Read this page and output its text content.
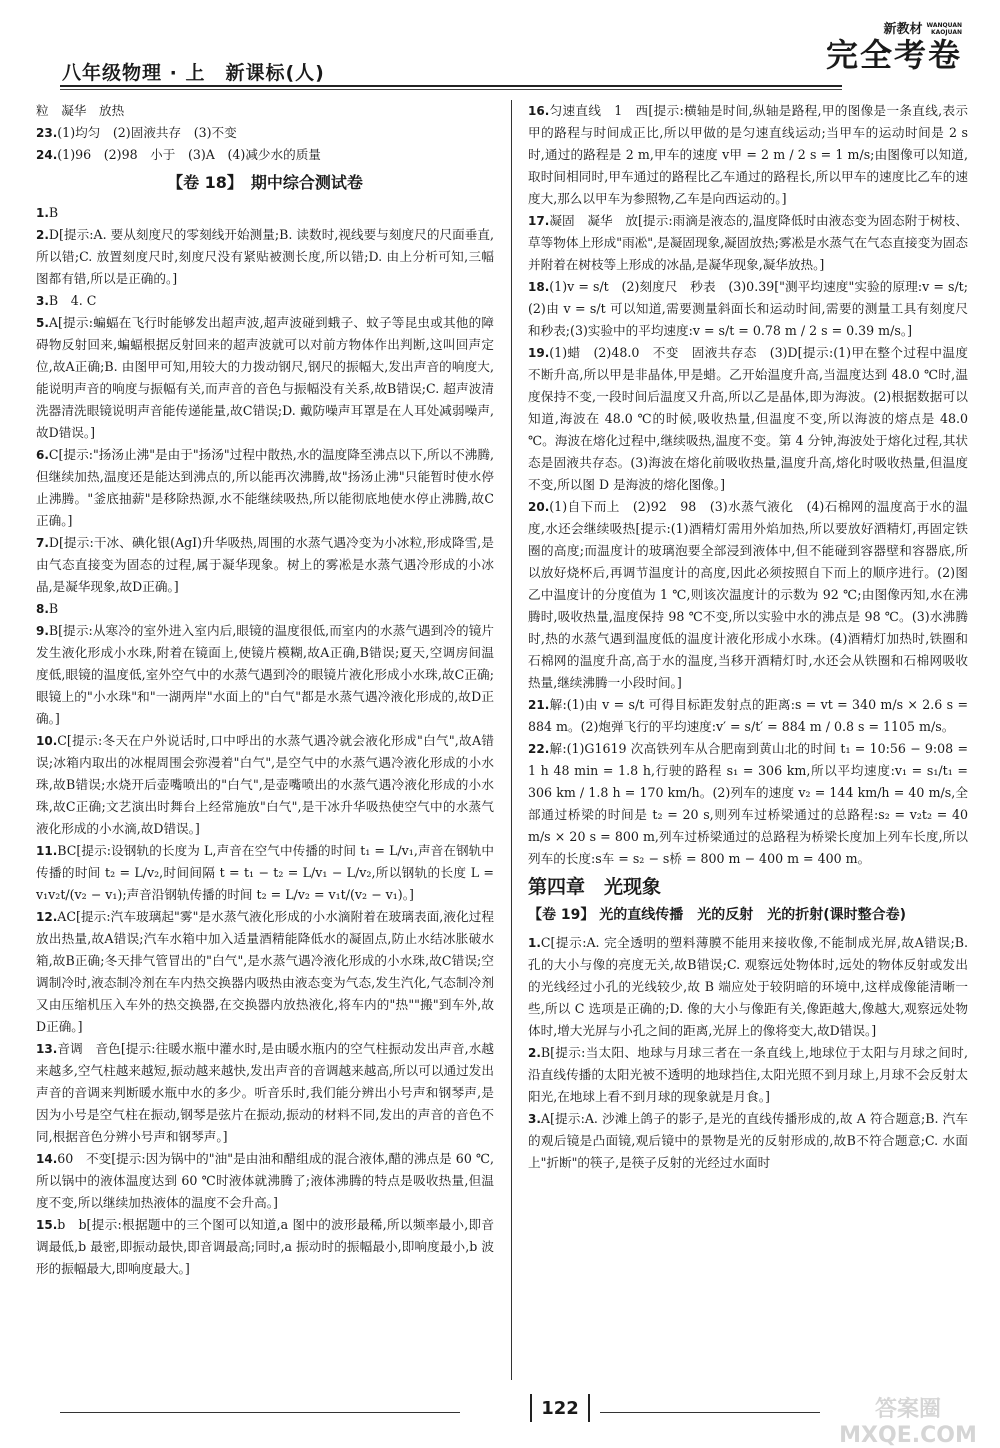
八年级物理 · 上　新课标(人)
新教材 WANQUAN
KAOJUAN
完全考卷

粒　凝华　放热

23.(1)均匀　(2)固液共存　(3)不变

24.(1)96　(2)98　小于　(3)A　(4)减少水的质量

【卷 18】　期中综合测试卷

1.B

2.D[提示:A. 要从刻度尺的零刻线开始测量;B. 读数时,视线要与刻度尺的尺面垂直,所以错;C. 放置刻度尺时,刻度尺没有紧贴被测长度,所以错;D. 由上分析可知,三幅图都有错,所以是正确的。]

3.B　4. C

5.A[提示:蝙蝠在飞行时能够发出超声波,超声波碰到蛾子、蚊子等昆虫或其他的障碍物反射回来,蝙蝠根据反射回来的超声波就可以对前方物体作出判断,这叫回声定位,故A正确;B. 由图甲可知,用较大的力拨动钢尺,钢尺的振幅大,发出声音的响度大,能说明声音的响度与振幅有关,而声音的音色与振幅没有关系,故B错误;C. 超声波清洗器清洗眼镜说明声音能传递能量,故C错误;D. 戴防噪声耳罩是在人耳处减弱噪声,故D错误。]

6.C[提示:"扬汤止沸"是由于"扬汤"过程中散热,水的温度降至沸点以下,所以不沸腾,但继续加热,温度还是能达到沸点的,所以能再次沸腾,故"扬汤止沸"只能暂时使水停止沸腾。"釜底抽薪"是移除热源,水不能继续吸热,所以能彻底地使水停止沸腾,故C正确。]

7.D[提示:干冰、碘化银(AgI)升华吸热,周围的水蒸气遇冷变为小冰粒,形成降雪,是由气态直接变为固态的过程,属于凝华现象。树上的雾凇是水蒸气遇冷形成的小冰晶,是凝华现象,故D正确。]

8.B

9.B[提示:从寒冷的室外进入室内后,眼镜的温度很低,而室内的水蒸气遇到冷的镜片发生液化形成小水珠,附着在镜面上,使镜片模糊,故A正确,B错误;夏天,空调房间温度低,眼镜的温度低,室外空气中的水蒸气遇到冷的眼镜片液化形成小水珠,故C正确;眼镜上的"小水珠"和"一湖两岸"水面上的"白气"都是水蒸气遇冷液化形成的,故D正确。]

10.C[提示:冬天在户外说话时,口中呼出的水蒸气遇冷就会液化形成"白气",故A错误;冰箱内取出的冰棍周围会弥漫着"白气",是空气中的水蒸气遇冷液化形成的小水珠,故B错误;水烧开后壶嘴喷出的"白气",是壶嘴喷出的水蒸气遇冷液化形成的小水珠,故C正确;文艺演出时舞台上经常施放"白气",是干冰升华吸热使空气中的水蒸气液化形成的小水滴,故D错误。]

11.BC[提示:设钢轨的长度为 L,声音在空气中传播的时间 t₁ = L/v₁,声音在钢轨中传播的时间 t₂ = L/v₂,时间间隔 t = t₁ − t₂ = L/v₁ − L/v₂,所以钢轨的长度 L = v₁v₂t/(v₂ − v₁);声音沿钢轨传播的时间 t₂ = L/v₂ = v₁t/(v₂ − v₁)。]

12.AC[提示:汽车玻璃起"雾"是水蒸气液化形成的小水滴附着在玻璃表面,液化过程放出热量,故A错误;汽车水箱中加入适量酒精能降低水的凝固点,防止水结冰胀破水箱,故B正确;冬天排气管冒出的"白气",是水蒸气遇冷液化形成的小水珠,故C错误;空调制冷时,液态制冷剂在车内热交换器内吸热由液态变为气态,发生汽化,气态制冷剂又由压缩机压入车外的热交换器,在交换器内放热液化,将车内的"热""搬"到车外,故D正确。]

13.音调　音色[提示:往暖水瓶中灌水时,是由暖水瓶内的空气柱振动发出声音,水越来越多,空气柱越来越短,振动越来越快,发出声音的音调越来越高,所以可以通过发出声音的音调来判断暖水瓶中水的多少。听音乐时,我们能分辨出小号声和钢琴声,是因为小号是空气柱在振动,钢琴是弦片在振动,振动的材料不同,发出的声音的音色不同,根据音色分辨小号声和钢琴声。]

14.60　不变[提示:因为锅中的"油"是由油和醋组成的混合液体,醋的沸点是 60 ℃,所以锅中的液体温度达到 60 ℃时液体就沸腾了;液体沸腾的特点是吸收热量,但温度不变,所以继续加热液体的温度不会升高。]

15.b　b[提示:根据题中的三个图可以知道,a 图中的波形最稀,所以频率最小,即音调最低,b 最密,即振动最快,即音调最高;同时,a 振动时的振幅最小,即响度最小,b 波形的振幅最大,即响度最大。]

16.匀速直线　1　西[提示:横轴是时间,纵轴是路程,甲的图像是一条直线,表示甲的路程与时间成正比,所以甲做的是匀速直线运动;当甲车的运动时间是 2 s 时,通过的路程是 2 m,甲车的速度 v甲 = 2 m / 2 s = 1 m/s;由图像可以知道,取时间相同时,甲车通过的路程比乙车通过的路程长,所以甲车的速度比乙车的速度大,那么以甲车为参照物,乙车是向西运动的。]

17.凝固　凝华　放[提示:雨滴是液态的,温度降低时由液态变为固态附于树枝、草等物体上形成"雨凇",是凝固现象,凝固放热;雾凇是水蒸气在气态直接变为固态并附着在树枝等上形成的冰晶,是凝华现象,凝华放热。]

18.(1)v = s/t　(2)刻度尺　秒表　(3)0.39["测平均速度"实验的原理:v = s/t;(2)由 v = s/t 可以知道,需要测量斜面长和运动时间,需要的测量工具有刻度尺和秒表;(3)实验中的平均速度:v = s/t = 0.78 m / 2 s = 0.39 m/s。]

19.(1)蜡　(2)48.0　不变　固液共存态　(3)D[提示:(1)甲在整个过程中温度不断升高,所以甲是非晶体,甲是蜡。乙开始温度升高,当温度达到 48.0 ℃时,温度保持不变,一段时间后温度又升高,所以乙是晶体,即为海波。(2)根据数据可以知道,海波在 48.0 ℃的时候,吸收热量,但温度不变,所以海波的熔点是 48.0 ℃。海波在熔化过程中,继续吸热,温度不变。第 4 分钟,海波处于熔化过程,其状态是固液共存态。(3)海波在熔化前吸收热量,温度升高,熔化时吸收热量,但温度不变,所以图 D 是海波的熔化图像。]

20.(1)自下而上　(2)92　98　(3)水蒸气液化　(4)石棉网的温度高于水的温度,水还会继续吸热[提示:(1)酒精灯需用外焰加热,所以要放好酒精灯,再固定铁圈的高度;而温度计的玻璃泡要全部浸到液体中,但不能碰到容器壁和容器底,所以放好烧杯后,再调节温度计的高度,因此必须按照自下而上的顺序进行。(2)图乙中温度计的分度值为 1 ℃,则该次温度计的示数为 92 ℃;由图像丙知,水在沸腾时,吸收热量,温度保持 98 ℃不变,所以实验中水的沸点是 98 ℃。(3)水沸腾时,热的水蒸气遇到温度低的温度计液化形成小水珠。(4)酒精灯加热时,铁圈和石棉网的温度升高,高于水的温度,当移开酒精灯时,水还会从铁圈和石棉网吸收热量,继续沸腾一小段时间。]

21.解:(1)由 v = s/t 可得目标距发射点的距离:s = vt = 340 m/s × 2.6 s = 884 m。(2)炮弹飞行的平均速度:v′ = s/t′ = 884 m / 0.8 s = 1105 m/s。

22.解:(1)G1619 次高铁列车从合肥南到黄山北的时间 t₁ = 10:56 − 9:08 = 1 h 48 min = 1.8 h,行驶的路程 s₁ = 306 km,所以平均速度:v₁ = s₁/t₁ = 306 km / 1.8 h = 170 km/h。(2)列车的速度 v₂ = 144 km/h = 40 m/s,全部通过桥梁的时间是 t₂ = 20 s,则列车过桥梁通过的总路程:s₂ = v₂t₂ = 40 m/s × 20 s = 800 m,列车过桥梁通过的总路程为桥梁长度加上列车长度,所以列车的长度:s车 = s₂ − s桥 = 800 m − 400 m = 400 m。

第四章　光现象
【卷 19】 光的直线传播　光的反射　光的折射(课时整合卷)

1.C[提示:A. 完全透明的塑料薄膜不能用来接收像,不能制成光屏,故A错误;B. 孔的大小与像的亮度无关,故B错误;C. 观察远处物体时,远处的物体反射或发出的光线经过小孔的光线较少,故 B 端应处于较阴暗的环境中,这样成像能清晰一些,所以 C 选项是正确的;D. 像的大小与像距有关,像距越大,像越大,观察远处物体时,增大光屏与小孔之间的距离,光屏上的像将变大,故D错误。]

2.B[提示:当太阳、地球与月球三者在一条直线上,地球位于太阳与月球之间时,沿直线传播的太阳光被不透明的地球挡住,太阳光照不到月球上,月球不会反射太阳光,在地球上看不到月球的现象就是月食。]

3.A[提示:A. 沙滩上鸽子的影子,是光的直线传播形成的,故 A 符合题意;B. 汽车的观后镜是凸面镜,观后镜中的景物是光的反射形成的,故B不符合题意;C. 水面上"折断"的筷子,是筷子反射的光经过水面时

122	答案圈 MXQE.COM
